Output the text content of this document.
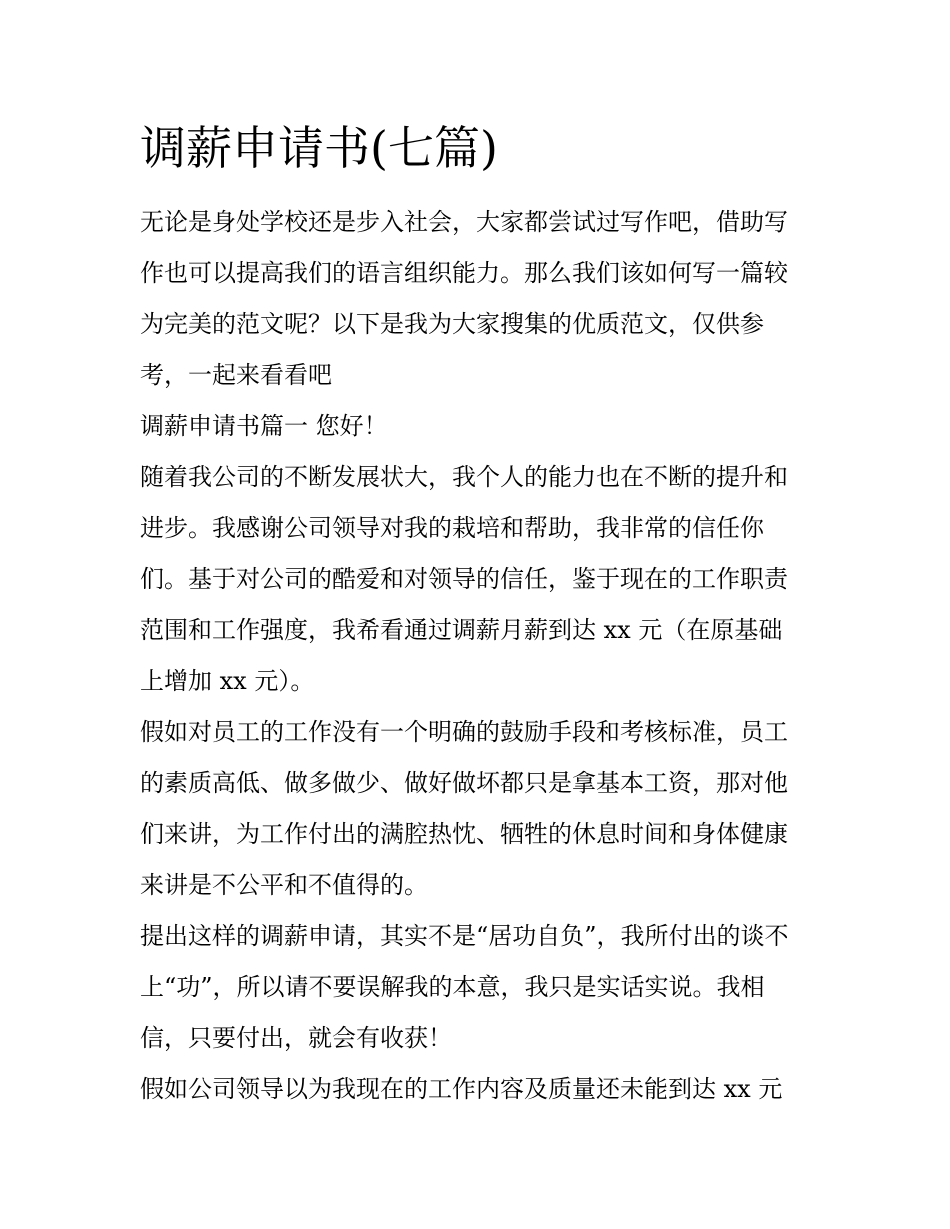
调薪申请书(七篇)

无论是身处学校还是步入社会，大家都尝试过写作吧，借助写

作也可以提高我们的语言组织能力。那么我们该如何写一篇较

为完美的范文呢？以下是我为大家搜集的优质范文，仅供参

考，一起来看看吧

调薪申请书篇一 您好！

随着我公司的不断发展状大，我个人的能力也在不断的提升和

进步。我感谢公司领导对我的栽培和帮助，我非常的信任你

们。基于对公司的酷爱和对领导的信任，鉴于现在的工作职责

范围和工作强度，我希看通过调薪月薪到达 xx 元（在原基础

上增加 xx 元）。

假如对员工的工作没有一个明确的鼓励手段和考核标准，员工

的素质高低、做多做少、做好做坏都只是拿基本工资，那对他

们来讲，为工作付出的满腔热忱、牺牲的休息时间和身体健康

来讲是不公平和不值得的。

提出这样的调薪申请，其实不是“居功自负”，我所付出的谈不

上“功”，所以请不要误解我的本意，我只是实话实说。我相

信，只要付出，就会有收获！

假如公司领导以为我现在的工作内容及质量还未能到达 xx 元
